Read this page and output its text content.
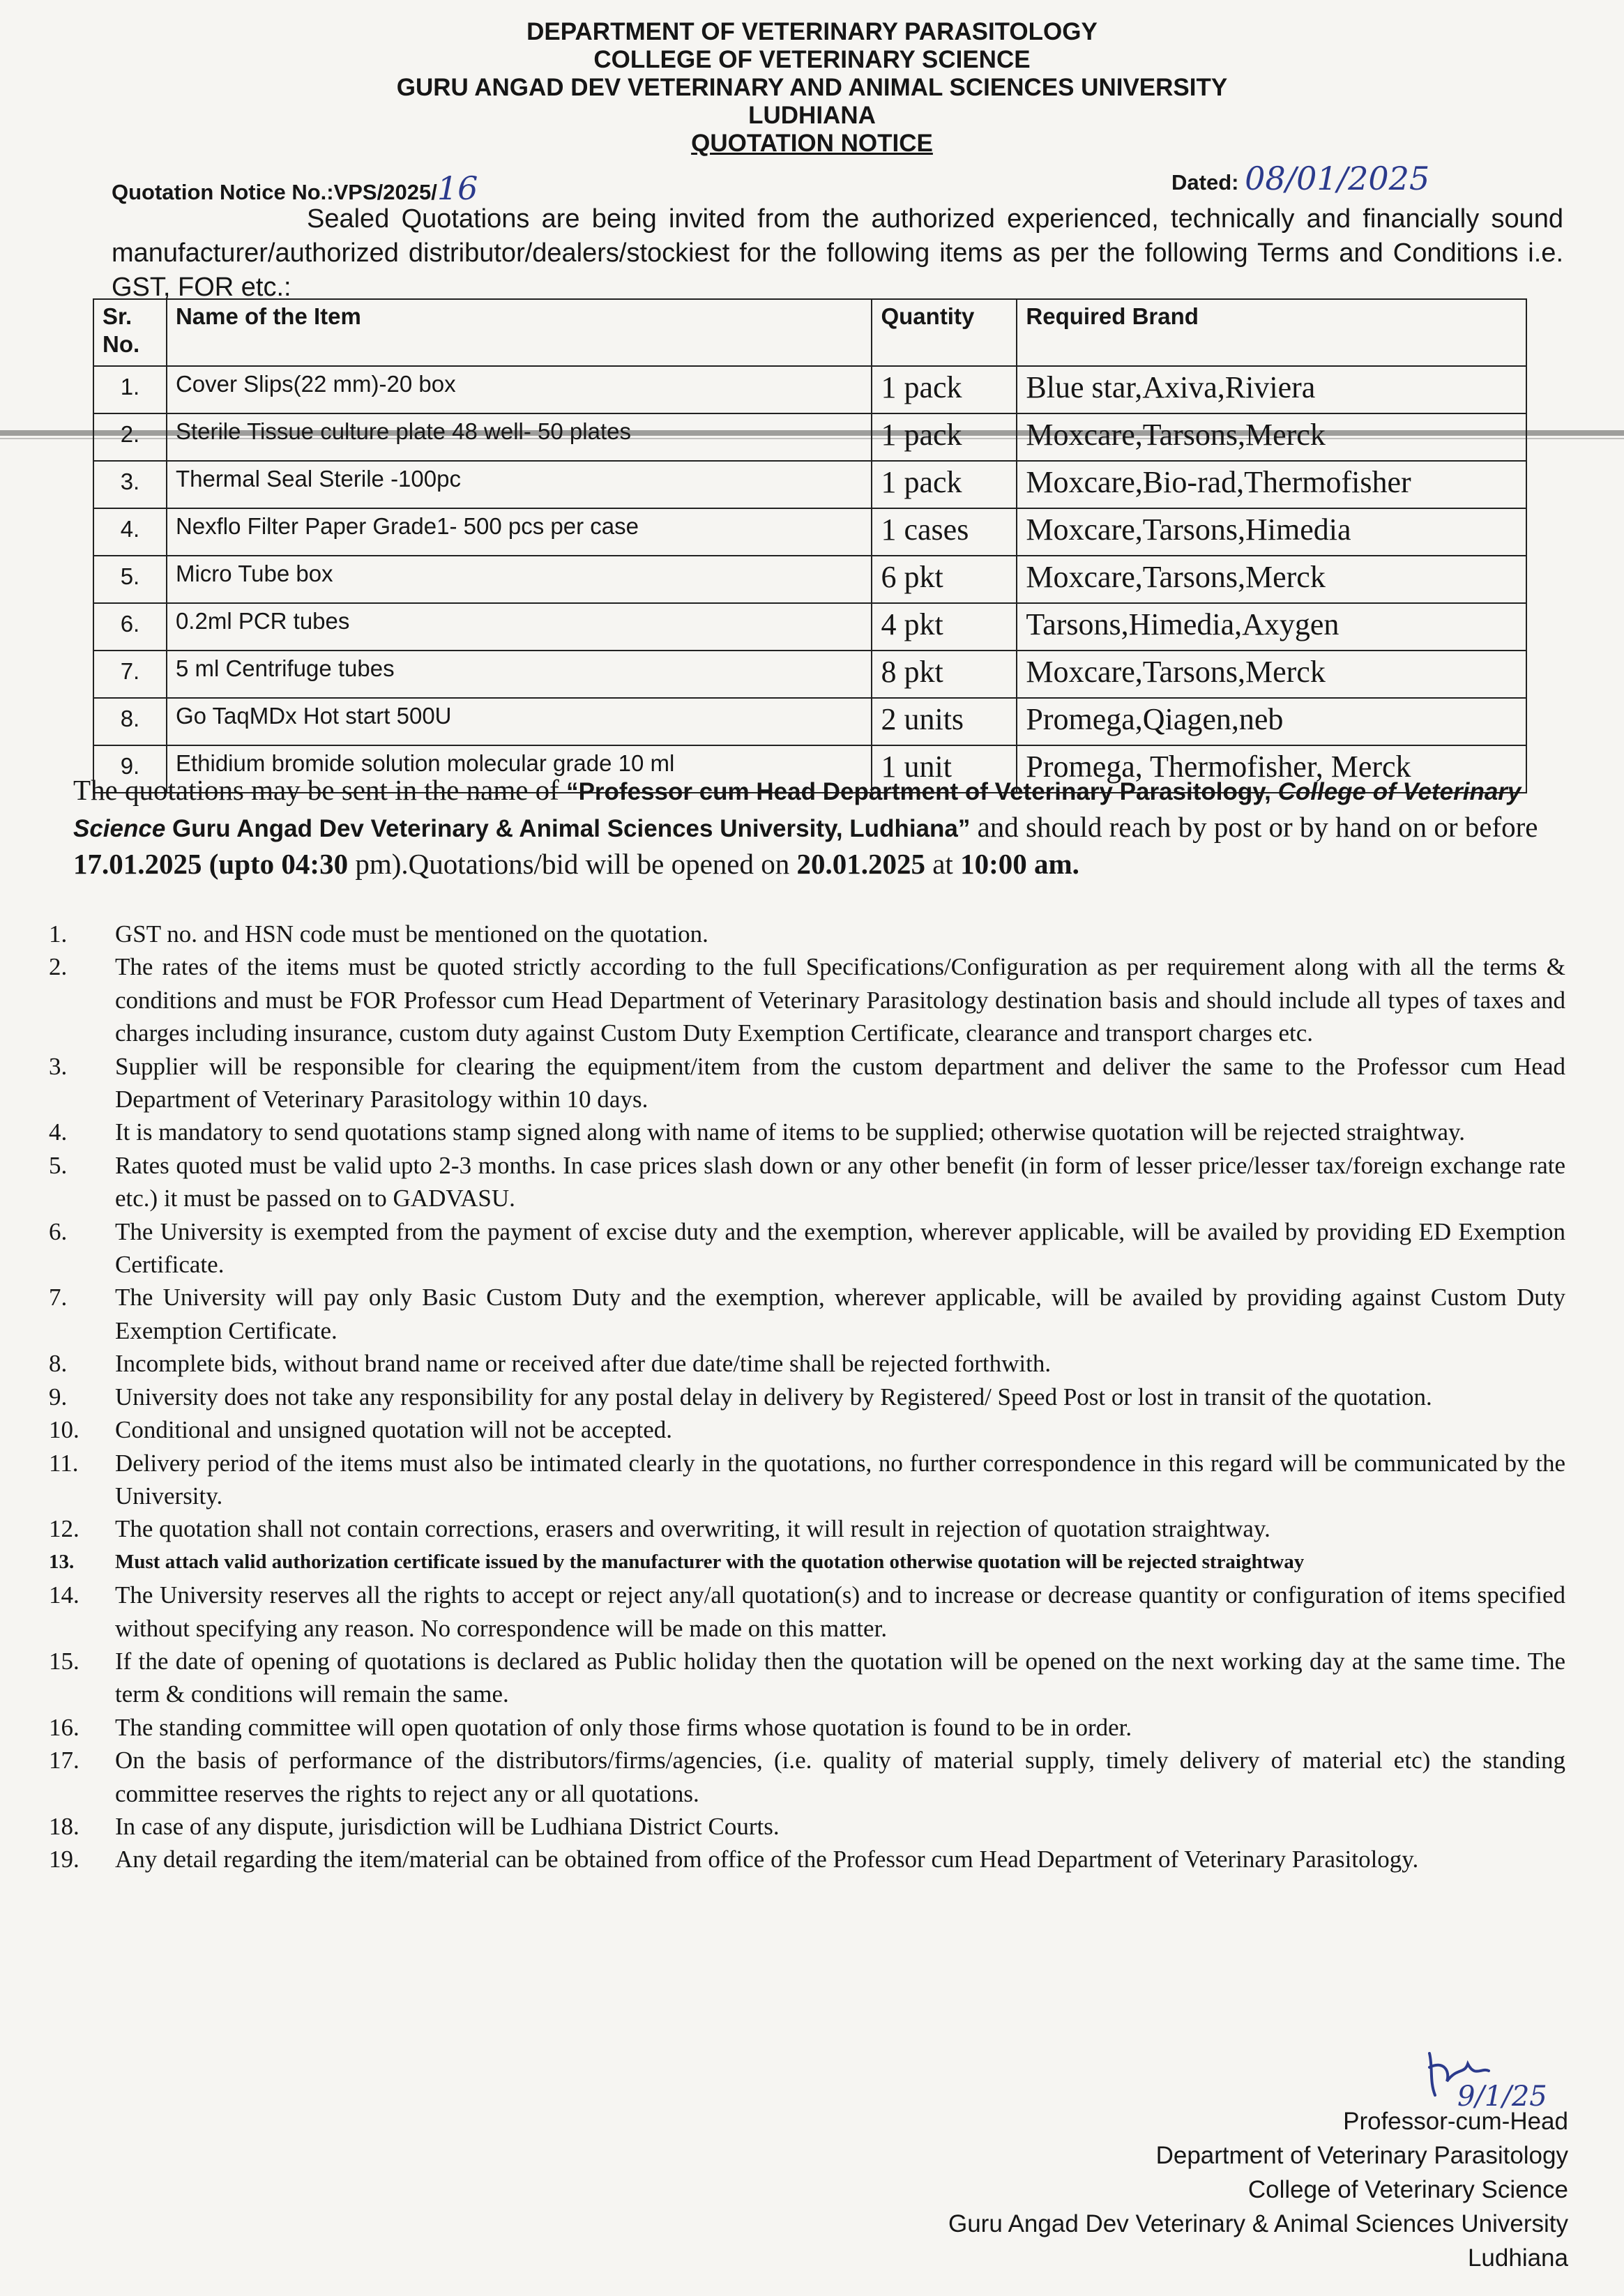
DEPARTMENT OF VETERINARY PARASITOLOGY
COLLEGE OF VETERINARY SCIENCE
GURU ANGAD DEV VETERINARY AND ANIMAL SCIENCES UNIVERSITY
LUDHIANA
QUOTATION NOTICE
Quotation Notice No.:VPS/2025/16	Dated: 08/01/2025
Sealed Quotations are being invited from the authorized experienced, technically and financially sound manufacturer/authorized distributor/dealers/stockiest for the following items as per the following Terms and Conditions i.e. GST, FOR etc.:
Sr. No.	Name of the Item	Quantity	Required Brand
1.	Cover Slips(22 mm)-20 box	1 pack	Blue star,Axiva,Riviera
2.	Sterile Tissue culture plate 48 well- 50 plates	1 pack	Moxcare,Tarsons,Merck
3.	Thermal Seal Sterile -100pc	1 pack	Moxcare,Bio-rad,Thermofisher
4.	Nexflo Filter Paper Grade1- 500 pcs per case	1 cases	Moxcare,Tarsons,Himedia
5.	Micro Tube box	6 pkt	Moxcare,Tarsons,Merck
6.	0.2ml PCR tubes	4 pkt	Tarsons,Himedia,Axygen
7.	5 ml Centrifuge tubes	8 pkt	Moxcare,Tarsons,Merck
8.	Go TaqMDx Hot start 500U	2 units	Promega,Qiagen,neb
9.	Ethidium bromide solution molecular grade 10 ml	1 unit	Promega, Thermofisher, Merck
The quotations may be sent in the name of “Professor cum Head Department of Veterinary Parasitology, College of Veterinary Science Guru Angad Dev Veterinary & Animal Sciences University, Ludhiana” and should reach by post or by hand on or before 17.01.2025 (upto 04:30 pm).Quotations/bid will be opened on 20.01.2025 at 10:00 am.
1. GST no. and HSN code must be mentioned on the quotation.
2. The rates of the items must be quoted strictly according to the full Specifications/Configuration as per requirement along with all the terms & conditions and must be FOR Professor cum Head Department of Veterinary Parasitology destination basis and should include all types of taxes and charges including insurance, custom duty against Custom Duty Exemption Certificate, clearance and transport charges etc.
3. Supplier will be responsible for clearing the equipment/item from the custom department and deliver the same to the Professor cum Head Department of Veterinary Parasitology within 10 days.
4. It is mandatory to send quotations stamp signed along with name of items to be supplied; otherwise quotation will be rejected straightway.
5. Rates quoted must be valid upto 2-3 months. In case prices slash down or any other benefit (in form of lesser price/lesser tax/foreign exchange rate etc.) it must be passed on to GADVASU.
6. The University is exempted from the payment of excise duty and the exemption, wherever applicable, will be availed by providing ED Exemption Certificate.
7. The University will pay only Basic Custom Duty and the exemption, wherever applicable, will be availed by providing against Custom Duty Exemption Certificate.
8. Incomplete bids, without brand name or received after due date/time shall be rejected forthwith.
9. University does not take any responsibility for any postal delay in delivery by Registered/ Speed Post or lost in transit of the quotation.
10. Conditional and unsigned quotation will not be accepted.
11. Delivery period of the items must also be intimated clearly in the quotations, no further correspondence in this regard will be communicated by the University.
12. The quotation shall not contain corrections, erasers and overwriting, it will result in rejection of quotation straightway.
13. Must attach valid authorization certificate issued by the manufacturer with the quotation otherwise quotation will be rejected straightway
14. The University reserves all the rights to accept or reject any/all quotation(s) and to increase or decrease quantity or configuration of items specified without specifying any reason. No correspondence will be made on this matter.
15. If the date of opening of quotations is declared as Public holiday then the quotation will be opened on the next working day at the same time. The term & conditions will remain the same.
16. The standing committee will open quotation of only those firms whose quotation is found to be in order.
17. On the basis of performance of the distributors/firms/agencies, (i.e. quality of material supply, timely delivery of material etc) the standing committee reserves the rights to reject any or all quotations.
18. In case of any dispute, jurisdiction will be Ludhiana District Courts.
19. Any detail regarding the item/material can be obtained from office of the Professor cum Head Department of Veterinary Parasitology.
9/1/25
Professor-cum-Head
Department of Veterinary Parasitology
College of Veterinary Science
Guru Angad Dev Veterinary & Animal Sciences University
Ludhiana
